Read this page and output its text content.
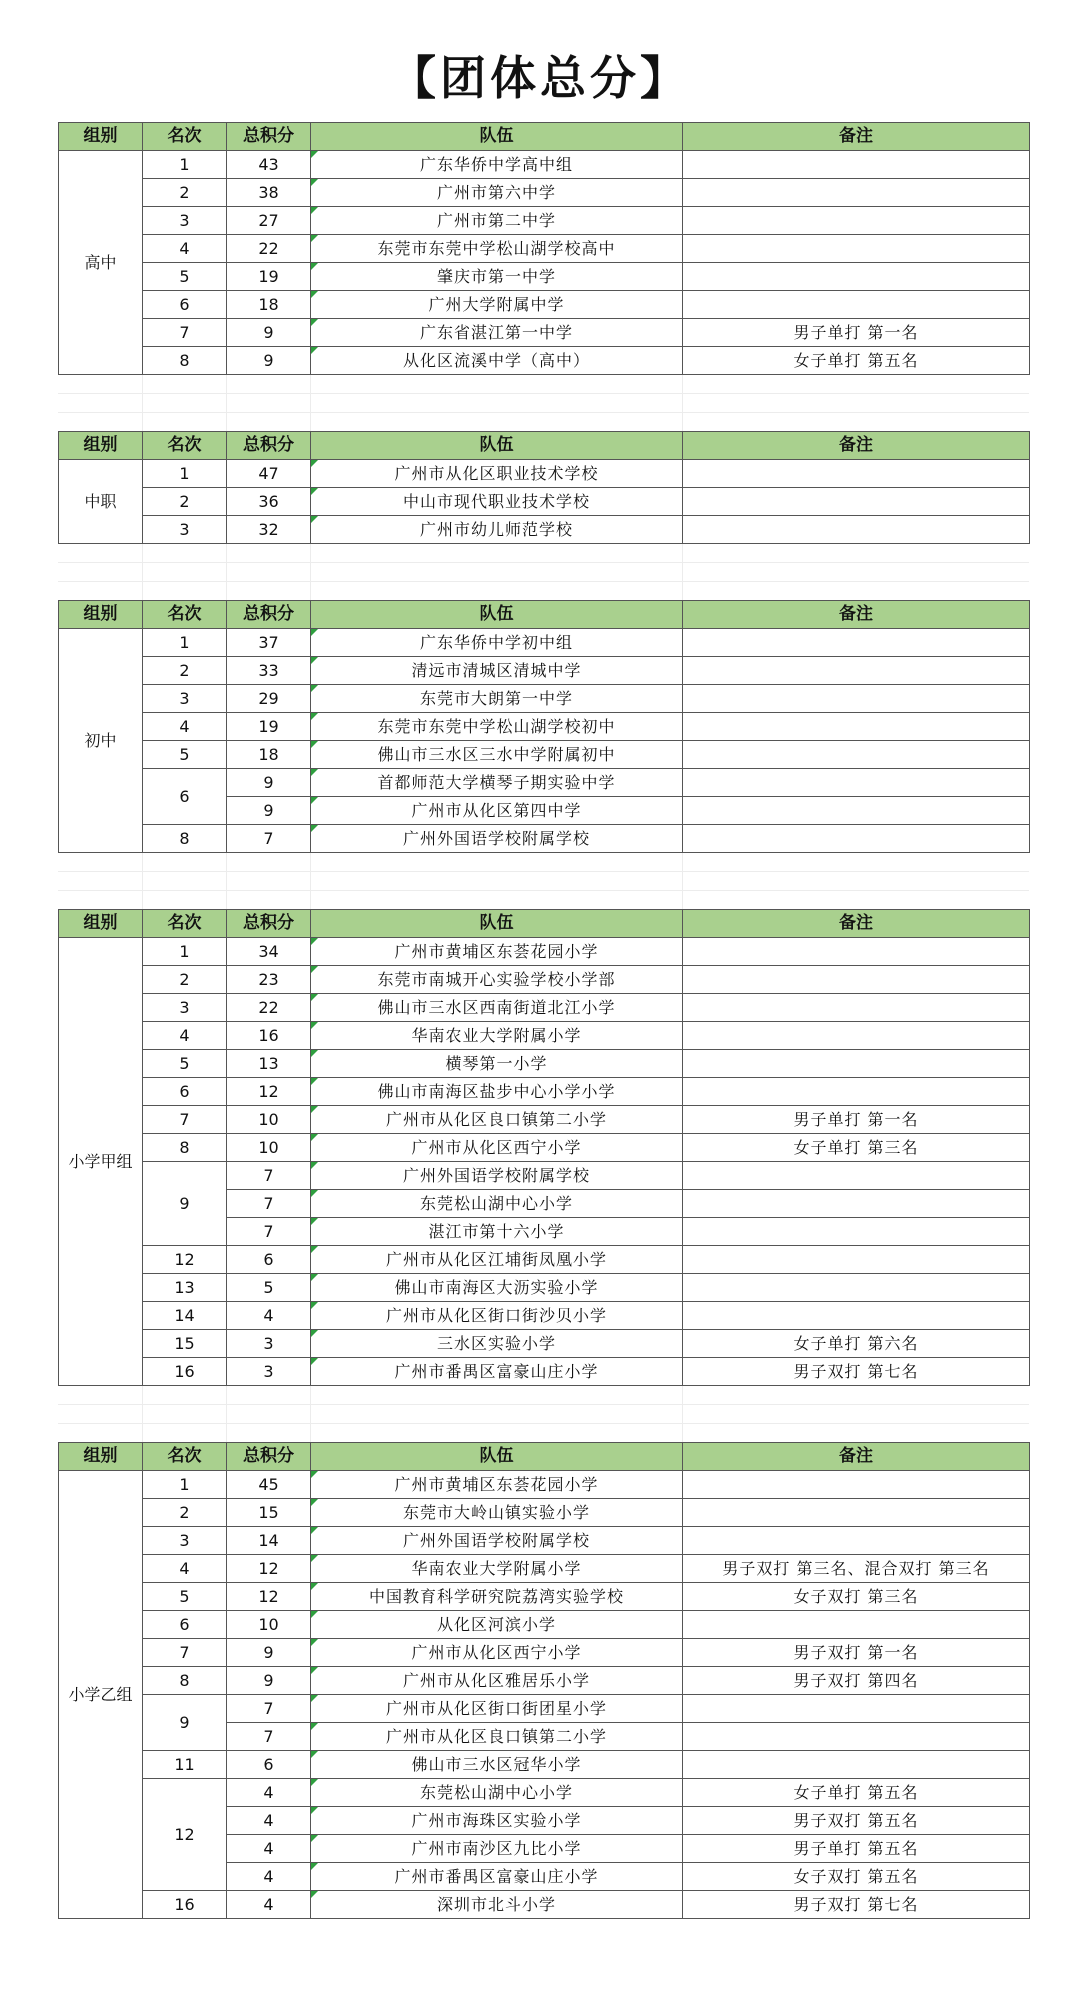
【团体总分】
组别	名次	总积分	队伍	备注
高中	1	43	广东华侨中学高中组	
	2	38	广州市第六中学	
	3	27	广州市第二中学	
	4	22	东莞市东莞中学松山湖学校高中	
	5	19	肇庆市第一中学	
	6	18	广州大学附属中学	
	7	9	广东省湛江第一中学	男子单打 第一名
	8	9	从化区流溪中学（高中）	女子单打 第五名
组别	名次	总积分	队伍	备注
中职	1	47	广州市从化区职业技术学校	
	2	36	中山市现代职业技术学校	
	3	32	广州市幼儿师范学校	
组别	名次	总积分	队伍	备注
初中	1	37	广东华侨中学初中组	
	2	33	清远市清城区清城中学	
	3	29	东莞市大朗第一中学	
	4	19	东莞市东莞中学松山湖学校初中	
	5	18	佛山市三水区三水中学附属初中	
	6	9	首都师范大学横琴子期实验中学	
		9	广州市从化区第四中学	
	8	7	广州外国语学校附属学校	
组别	名次	总积分	队伍	备注
小学甲组	1	34	广州市黄埔区东荟花园小学	
	2	23	东莞市南城开心实验学校小学部	
	3	22	佛山市三水区西南街道北江小学	
	4	16	华南农业大学附属小学	
	5	13	横琴第一小学	
	6	12	佛山市南海区盐步中心小学小学	
	7	10	广州市从化区良口镇第二小学	男子单打 第一名
	8	10	广州市从化区西宁小学	女子单打 第三名
	9	7	广州外国语学校附属学校	
		7	东莞松山湖中心小学	
		7	湛江市第十六小学	
	12	6	广州市从化区江埔街凤凰小学	
	13	5	佛山市南海区大沥实验小学	
	14	4	广州市从化区街口街沙贝小学	
	15	3	三水区实验小学	女子单打 第六名
	16	3	广州市番禺区富豪山庄小学	男子双打 第七名
组别	名次	总积分	队伍	备注
小学乙组	1	45	广州市黄埔区东荟花园小学	
	2	15	东莞市大岭山镇实验小学	
	3	14	广州外国语学校附属学校	
	4	12	华南农业大学附属小学	男子双打 第三名、混合双打 第三名
	5	12	中国教育科学研究院荔湾实验学校	女子双打 第三名
	6	10	从化区河滨小学	
	7	9	广州市从化区西宁小学	男子双打 第一名
	8	9	广州市从化区雅居乐小学	男子双打 第四名
	9	7	广州市从化区街口街团星小学	
		7	广州市从化区良口镇第二小学	
	11	6	佛山市三水区冠华小学	
	12	4	东莞松山湖中心小学	女子单打 第五名
		4	广州市海珠区实验小学	男子双打 第五名
		4	广州市南沙区九比小学	男子单打 第五名
		4	广州市番禺区富豪山庄小学	女子双打 第五名
	16	4	深圳市北斗小学	男子双打 第七名
